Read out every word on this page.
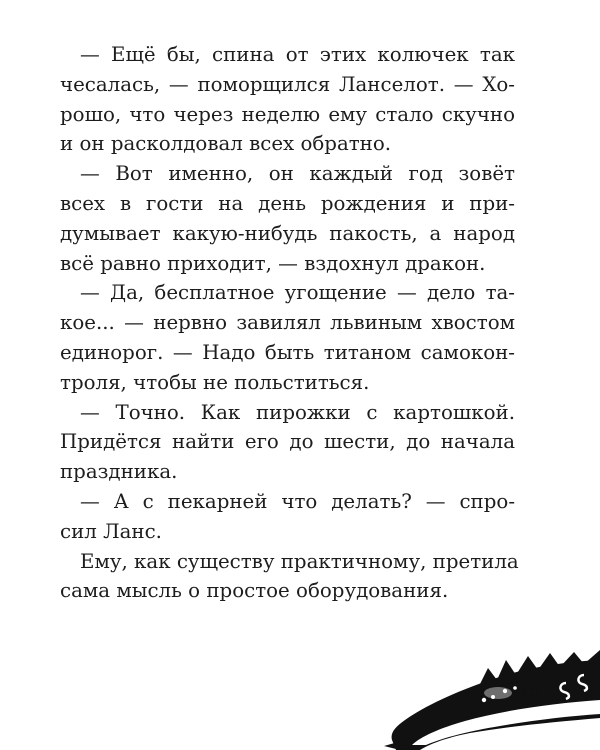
— Ещё бы, спина от этих колючек так
чесалась, — поморщился Ланселот. — Хо-
рошо, что через неделю ему стало скучно
и он расколдовал всех обратно.
— Вот именно, он каждый год зовёт
всех в гости на день рождения и при-
думывает какую-нибудь пакость, а народ
всё равно приходит, — вздохнул дракон.
— Да, бесплатное угощение — дело та-
кое... — нервно завилял львиным хвостом
единорог. — Надо быть титаном самокон-
троля, чтобы не польститься.
— Точно. Как пирожки с картошкой.
Придётся найти его до шести, до начала
праздника.
— А с пекарней что делать? — спро-
сил Ланс.
Ему, как существу практичному, претила
сама мысль о простое оборудования.
15
